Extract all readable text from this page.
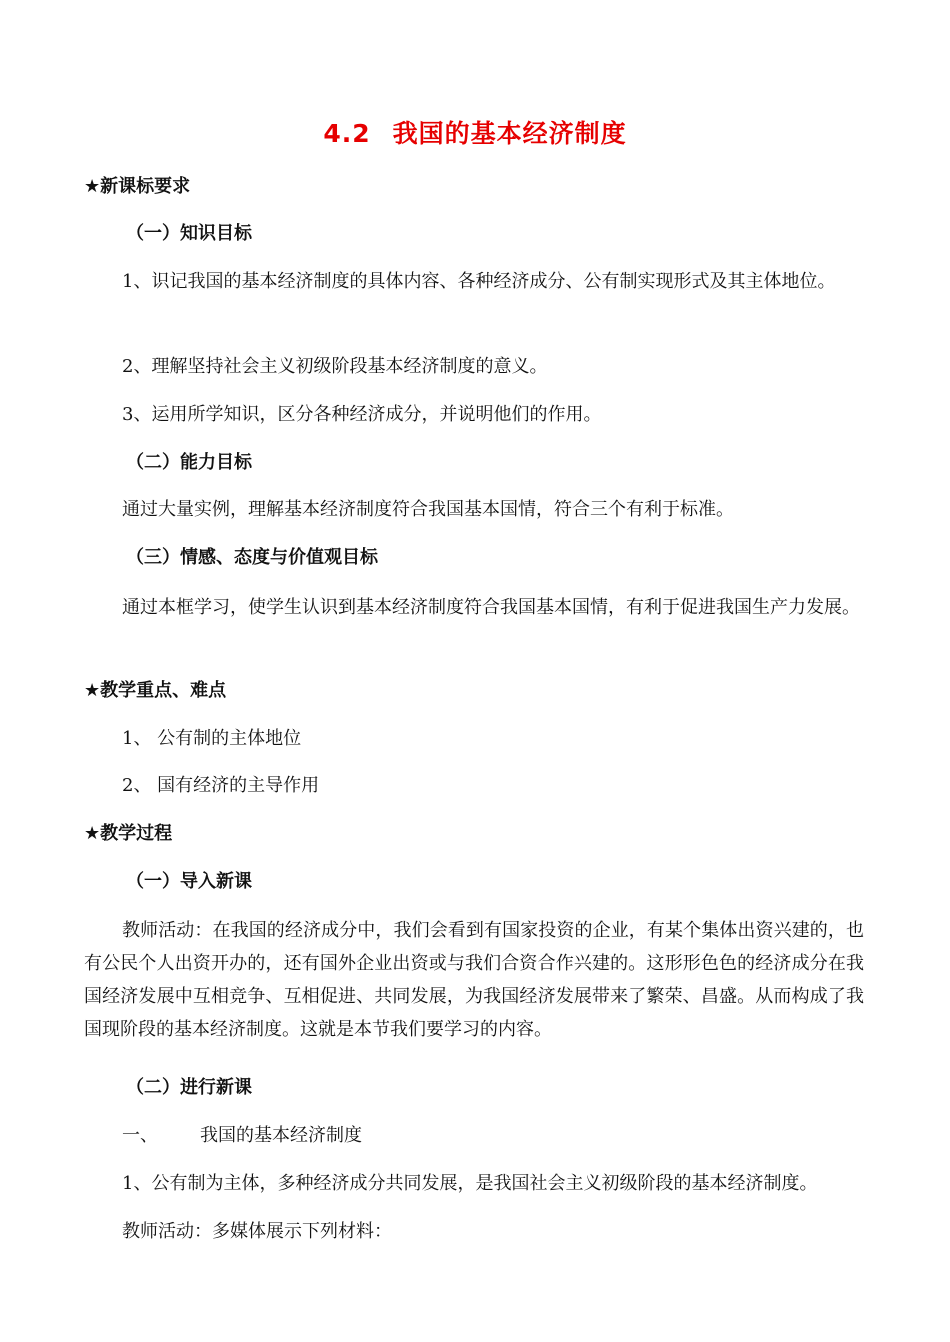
4.2 我国的基本经济制度
★新课标要求
（一）知识目标
1、识记我国的基本经济制度的具体内容、各种经济成分、公有制实现形式及其主体地位。
2、理解坚持社会主义初级阶段基本经济制度的意义。
3、运用所学知识，区分各种经济成分，并说明他们的作用。
（二）能力目标
通过大量实例，理解基本经济制度符合我国基本国情，符合三个有利于标准。
（三）情感、态度与价值观目标
通过本框学习，使学生认识到基本经济制度符合我国基本国情，有利于促进我国生产力发展。
★教学重点、难点
1、 公有制的主体地位
2、 国有经济的主导作用
★教学过程
（一）导入新课
教师活动：在我国的经济成分中，我们会看到有国家投资的企业，有某个集体出资兴建的，也有公民个人出资开办的，还有国外企业出资或与我们合资合作兴建的。这形形色色的经济成分在我国经济发展中互相竞争、互相促进、共同发展，为我国经济发展带来了繁荣、昌盛。从而构成了我国现阶段的基本经济制度。这就是本节我们要学习的内容。
（二）进行新课
一、 我国的基本经济制度
1、公有制为主体，多种经济成分共同发展，是我国社会主义初级阶段的基本经济制度。
教师活动：多媒体展示下列材料：
